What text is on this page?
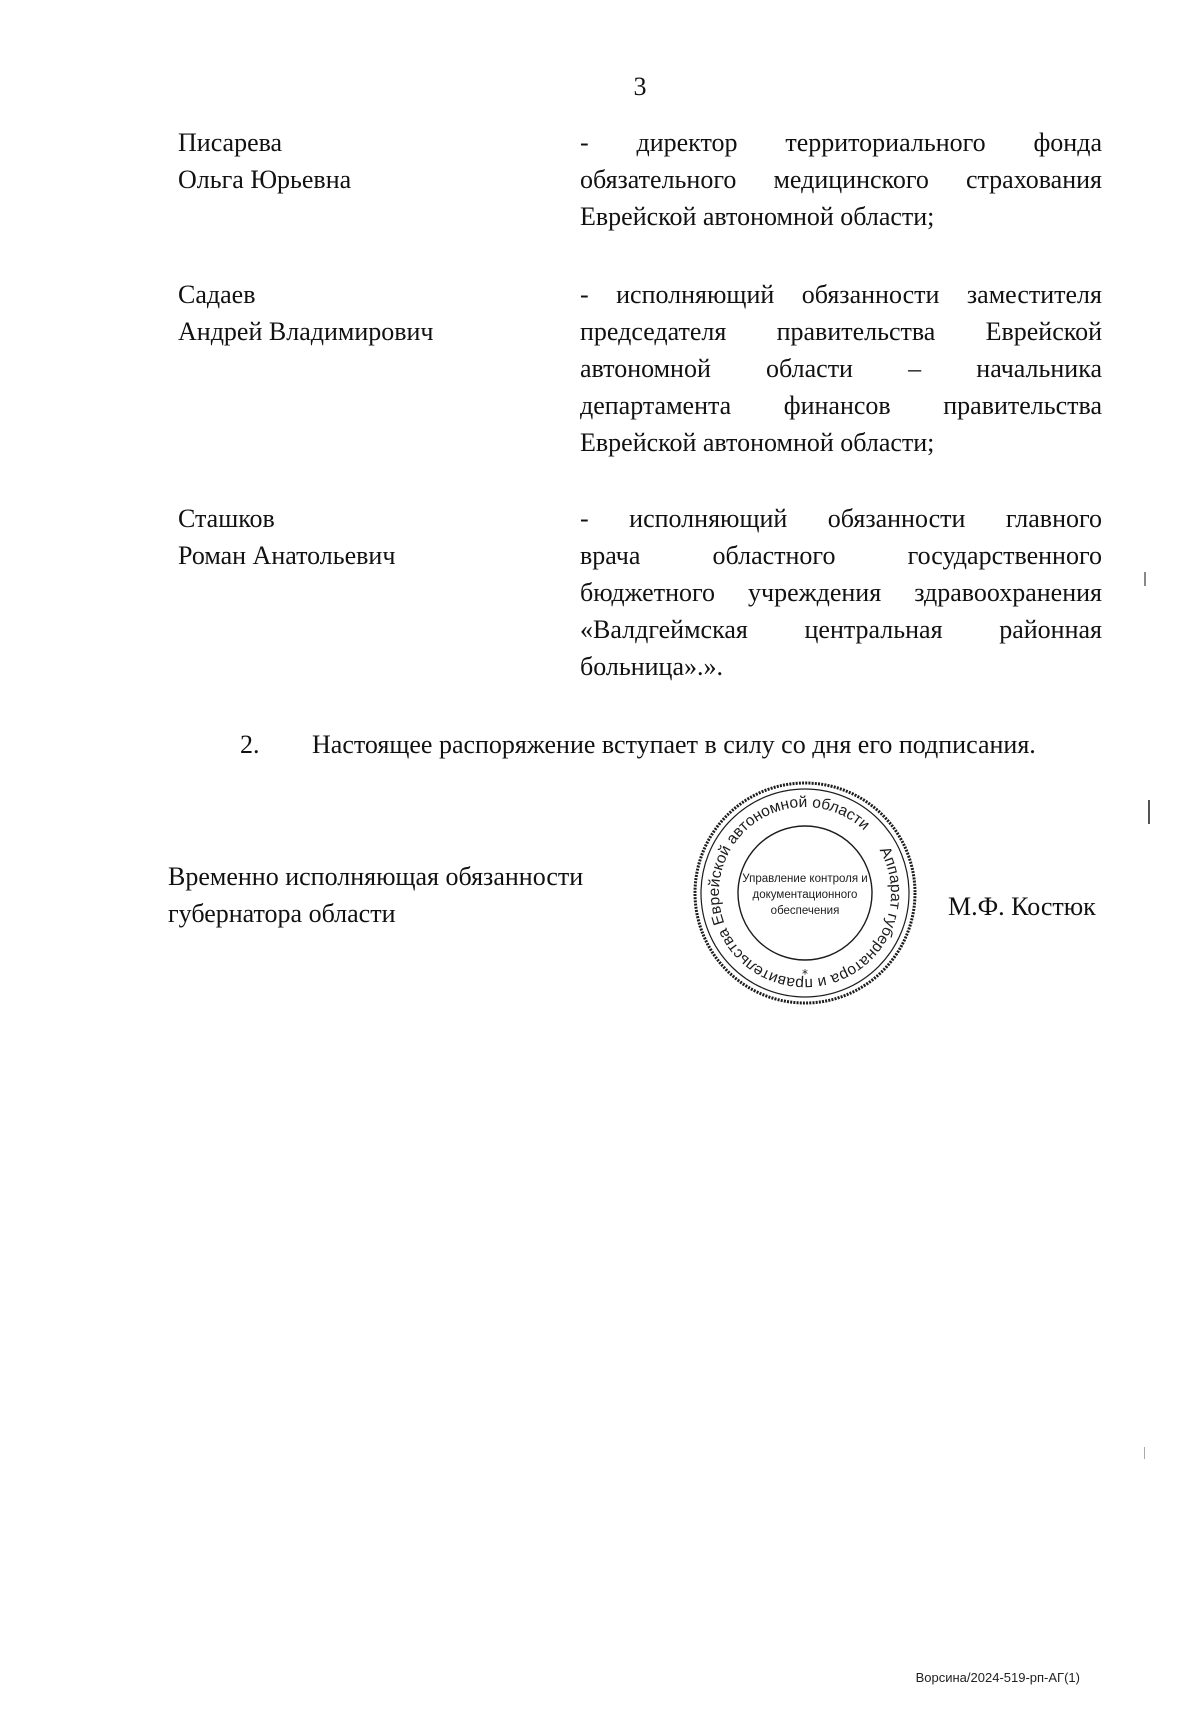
3
Писарева
Ольга Юрьевна
- директор территориального фонда
обязательного медицинского страхования
Еврейской автономной области;
Садаев
Андрей Владимирович
- исполняющий обязанности заместителя
председателя правительства Еврейской
автономной области – начальника
департамента финансов правительства
Еврейской автономной области;
Сташков
Роман Анатольевич
- исполняющий обязанности главного
врача областного государственного
бюджетного учреждения здравоохранения
«Валдгеймская центральная районная
больница».».
2. Настоящее распоряжение вступает в силу со дня его подписания.
Временно исполняющая обязанности
губернатора области
Аппарат губернатора и правительства Еврейской автономной области
Управление контроля и
документационного
обеспечения
*
М.Ф. Костюк
Ворсина/2024-519-рп-АГ(1)
